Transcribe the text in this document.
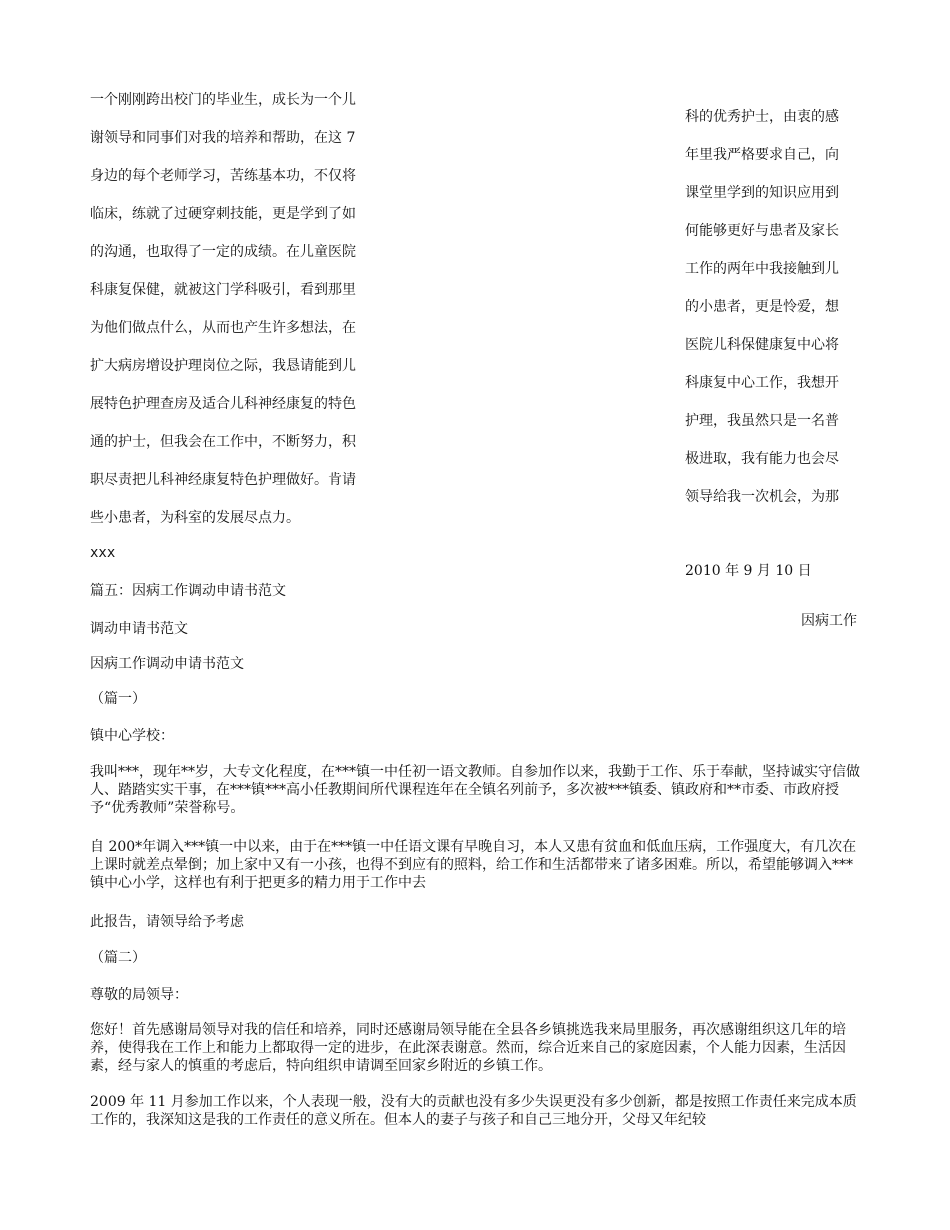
一个刚刚跨出校门的毕业生，成长为一个儿

谢领导和同事们对我的培养和帮助，在这 7

身边的每个老师学习，苦练基本功，不仅将

临床，练就了过硬穿刺技能，更是学到了如

的沟通，也取得了一定的成绩。在儿童医院

科康复保健，就被这门学科吸引，看到那里

为他们做点什么，从而也产生许多想法，在

扩大病房增设护理岗位之际，我恳请能到儿

展特色护理查房及适合儿科神经康复的特色

通的护士，但我会在工作中，不断努力，积

职尽责把儿科神经康复特色护理做好。肯请

些小患者，为科室的发展尽点力。

科的优秀护士，由衷的感

年里我严格要求自己，向

课堂里学到的知识应用到

何能够更好与患者及家长

工作的两年中我接触到儿

的小患者，更是怜爱，想

医院儿科保健康复中心将

科康复中心工作，我想开

护理，我虽然只是一名普

极进取，我有能力也会尽

领导给我一次机会，为那

2010 年 9 月 10 日

xxx

因病工作

篇五：因病工作调动申请书范文

调动申请书范文

因病工作调动申请书范文

（篇一）

镇中心学校：

我叫***，现年**岁，大专文化程度，在***镇一中任初一语文教师。自参加作以来，我勤于工作、乐于奉献，坚持诚实守信做人、踏踏实实干事，在***镇***高小任教期间所代课程连年在全镇名列前予，多次被***镇委、镇政府和**市委、市政府授予“优秀教师”荣誉称号。

自 200*年调入***镇一中以来，由于在***镇一中任语文课有早晚自习，本人又患有贫血和低血压病，工作强度大，有几次在上课时就差点晕倒；加上家中又有一小孩，也得不到应有的照料，给工作和生活都带来了诸多困难。所以，希望能够调入***镇中心小学，这样也有利于把更多的精力用于工作中去

此报告，请领导给予考虑

（篇二）

尊敬的局领导：

您好！首先感谢局领导对我的信任和培养，同时还感谢局领导能在全县各乡镇挑选我来局里服务，再次感谢组织这几年的培养，使得我在工作上和能力上都取得一定的进步，在此深表谢意。然而，综合近来自己的家庭因素，个人能力因素，生活因素，经与家人的慎重的考虑后，特向组织申请调至回家乡附近的乡镇工作。

2009 年 11 月参加工作以来，个人表现一般，没有大的贡献也没有多少失误更没有多少创新，都是按照工作责任来完成本质工作的，我深知这是我的工作责任的意义所在。但本人的妻子与孩子和自己三地分开，父母又年纪较
